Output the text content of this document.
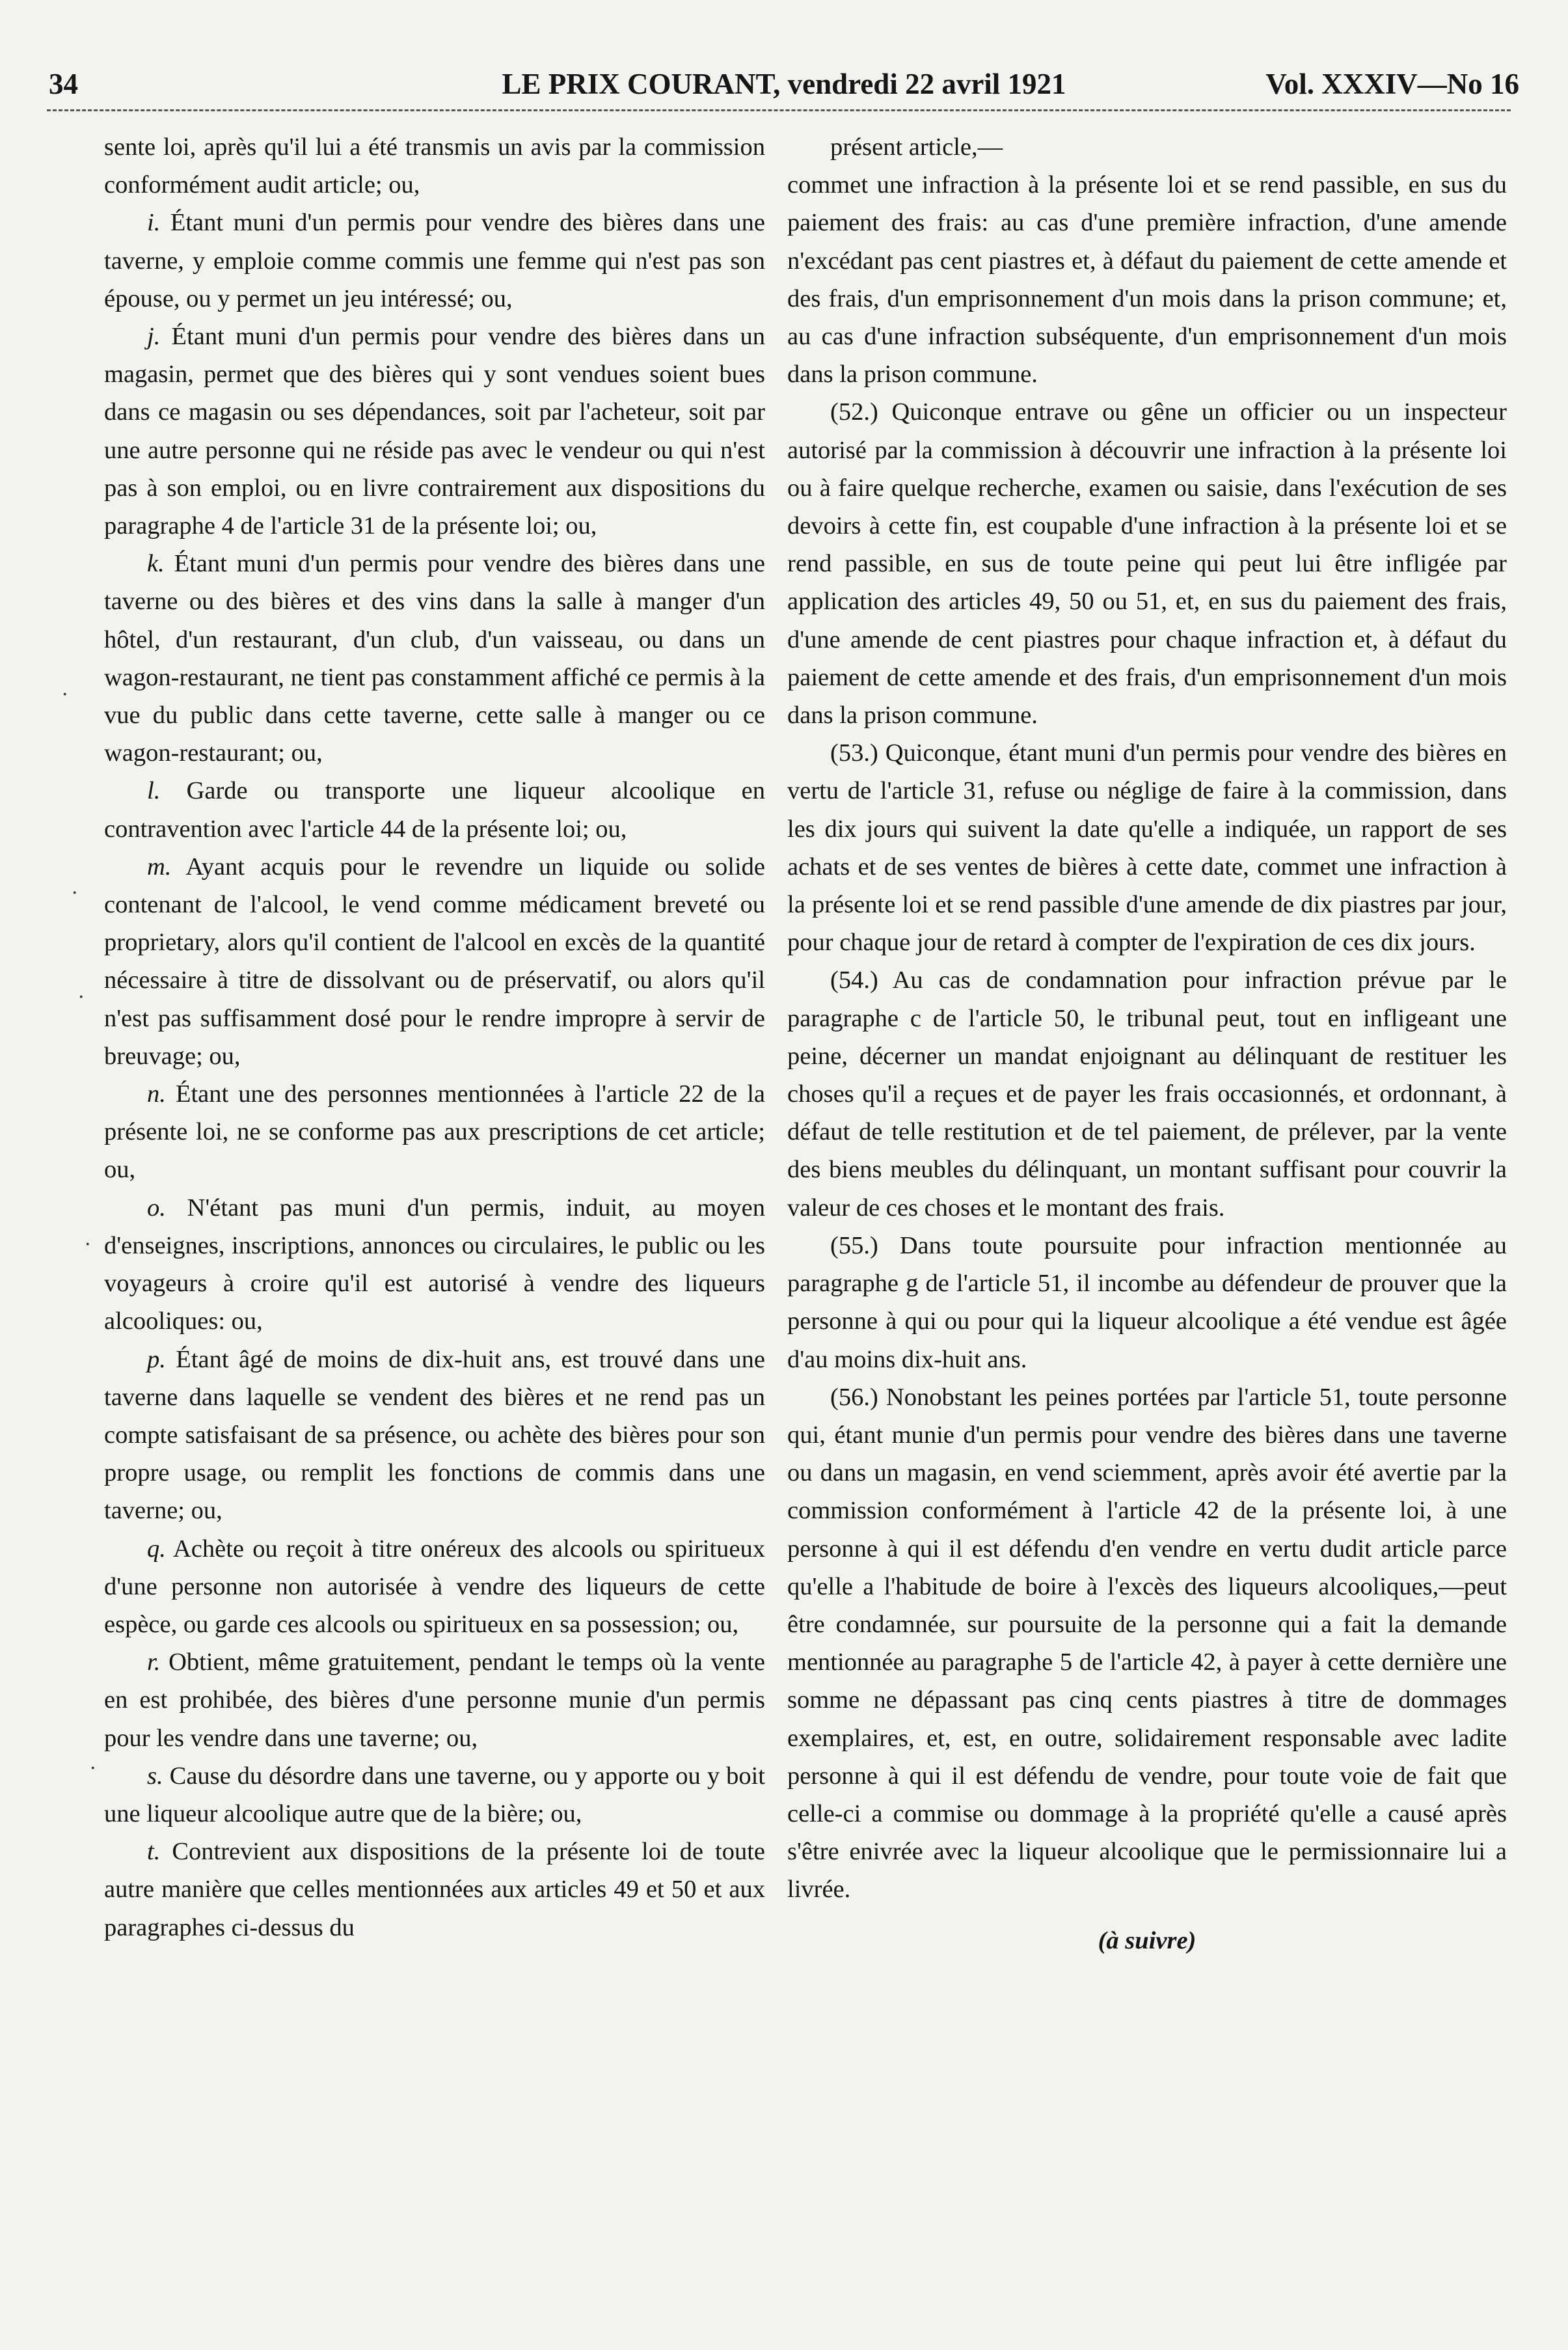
34	LE PRIX COURANT, vendredi 22 avril 1921	Vol. XXXIV—No 16
·
·
·
·
·

sente loi, après qu'il lui a été transmis un avis par la commission conformément audit article; ou,

i. Étant muni d'un permis pour vendre des bières dans une taverne, y emploie comme commis une femme qui n'est pas son épouse, ou y permet un jeu intéressé; ou,

j. Étant muni d'un permis pour vendre des bières dans un magasin, permet que des bières qui y sont vendues soient bues dans ce magasin ou ses dépendances, soit par l'acheteur, soit par une autre personne qui ne réside pas avec le vendeur ou qui n'est pas à son emploi, ou en livre contrairement aux dispositions du paragraphe 4 de l'article 31 de la présente loi; ou,

k. Étant muni d'un permis pour vendre des bières dans une taverne ou des bières et des vins dans la salle à manger d'un hôtel, d'un restaurant, d'un club, d'un vaisseau, ou dans un wagon-restaurant, ne tient pas constamment affiché ce permis à la vue du public dans cette taverne, cette salle à manger ou ce wagon-restaurant; ou,

l. Garde ou transporte une liqueur alcoolique en contravention avec l'article 44 de la présente loi; ou,

m. Ayant acquis pour le revendre un liquide ou solide contenant de l'alcool, le vend comme médicament breveté ou proprietary, alors qu'il contient de l'alcool en excès de la quantité nécessaire à titre de dissolvant ou de préservatif, ou alors qu'il n'est pas suffisamment dosé pour le rendre impropre à servir de breuvage; ou,

n. Étant une des personnes mentionnées à l'article 22 de la présente loi, ne se conforme pas aux prescriptions de cet article; ou,

o. N'étant pas muni d'un permis, induit, au moyen d'enseignes, inscriptions, annonces ou circulaires, le public ou les voyageurs à croire qu'il est autorisé à vendre des liqueurs alcooliques: ou,

p. Étant âgé de moins de dix-huit ans, est trouvé dans une taverne dans laquelle se vendent des bières et ne rend pas un compte satisfaisant de sa présence, ou achète des bières pour son propre usage, ou remplit les fonctions de commis dans une taverne; ou,

q. Achète ou reçoit à titre onéreux des alcools ou spiritueux d'une personne non autorisée à vendre des liqueurs de cette espèce, ou garde ces alcools ou spiritueux en sa possession; ou,

r. Obtient, même gratuitement, pendant le temps où la vente en est prohibée, des bières d'une personne munie d'un permis pour les vendre dans une taverne; ou,

s. Cause du désordre dans une taverne, ou y apporte ou y boit une liqueur alcoolique autre que de la bière; ou,

t. Contrevient aux dispositions de la présente loi de toute autre manière que celles mentionnées aux articles 49 et 50 et aux paragraphes ci-dessus du

présent article,—

commet une infraction à la présente loi et se rend passible, en sus du paiement des frais: au cas d'une première infraction, d'une amende n'excédant pas cent piastres et, à défaut du paiement de cette amende et des frais, d'un emprisonnement d'un mois dans la prison commune; et, au cas d'une infraction subséquente, d'un emprisonnement d'un mois dans la prison commune.

(52.) Quiconque entrave ou gêne un officier ou un inspecteur autorisé par la commission à découvrir une infraction à la présente loi ou à faire quelque recherche, examen ou saisie, dans l'exécution de ses devoirs à cette fin, est coupable d'une infraction à la présente loi et se rend passible, en sus de toute peine qui peut lui être infligée par application des articles 49, 50 ou 51, et, en sus du paiement des frais, d'une amende de cent piastres pour chaque infraction et, à défaut du paiement de cette amende et des frais, d'un emprisonnement d'un mois dans la prison commune.

(53.) Quiconque, étant muni d'un permis pour vendre des bières en vertu de l'article 31, refuse ou néglige de faire à la commission, dans les dix jours qui suivent la date qu'elle a indiquée, un rapport de ses achats et de ses ventes de bières à cette date, commet une infraction à la présente loi et se rend passible d'une amende de dix piastres par jour, pour chaque jour de retard à compter de l'expiration de ces dix jours.

(54.) Au cas de condamnation pour infraction prévue par le paragraphe c de l'article 50, le tribunal peut, tout en infligeant une peine, décerner un mandat enjoignant au délinquant de restituer les choses qu'il a reçues et de payer les frais occasionnés, et ordonnant, à défaut de telle restitution et de tel paiement, de prélever, par la vente des biens meubles du délinquant, un montant suffisant pour couvrir la valeur de ces choses et le montant des frais.

(55.) Dans toute poursuite pour infraction mentionnée au paragraphe g de l'article 51, il incombe au défendeur de prouver que la personne à qui ou pour qui la liqueur alcoolique a été vendue est âgée d'au moins dix-huit ans.

(56.) Nonobstant les peines portées par l'article 51, toute personne qui, étant munie d'un permis pour vendre des bières dans une taverne ou dans un magasin, en vend sciemment, après avoir été avertie par la commission conformément à l'article 42 de la présente loi, à une personne à qui il est défendu d'en vendre en vertu dudit article parce qu'elle a l'habitude de boire à l'excès des liqueurs alcooliques,—peut être condamnée, sur poursuite de la personne qui a fait la demande mentionnée au paragraphe 5 de l'article 42, à payer à cette dernière une somme ne dépassant pas cinq cents piastres à titre de dommages exemplaires, et, est, en outre, solidairement responsable avec ladite personne à qui il est défendu de vendre, pour toute voie de fait que celle-ci a commise ou dommage à la propriété qu'elle a causé après s'être enivrée avec la liqueur alcoolique que le permissionnaire lui a livrée.

(à suivre)
